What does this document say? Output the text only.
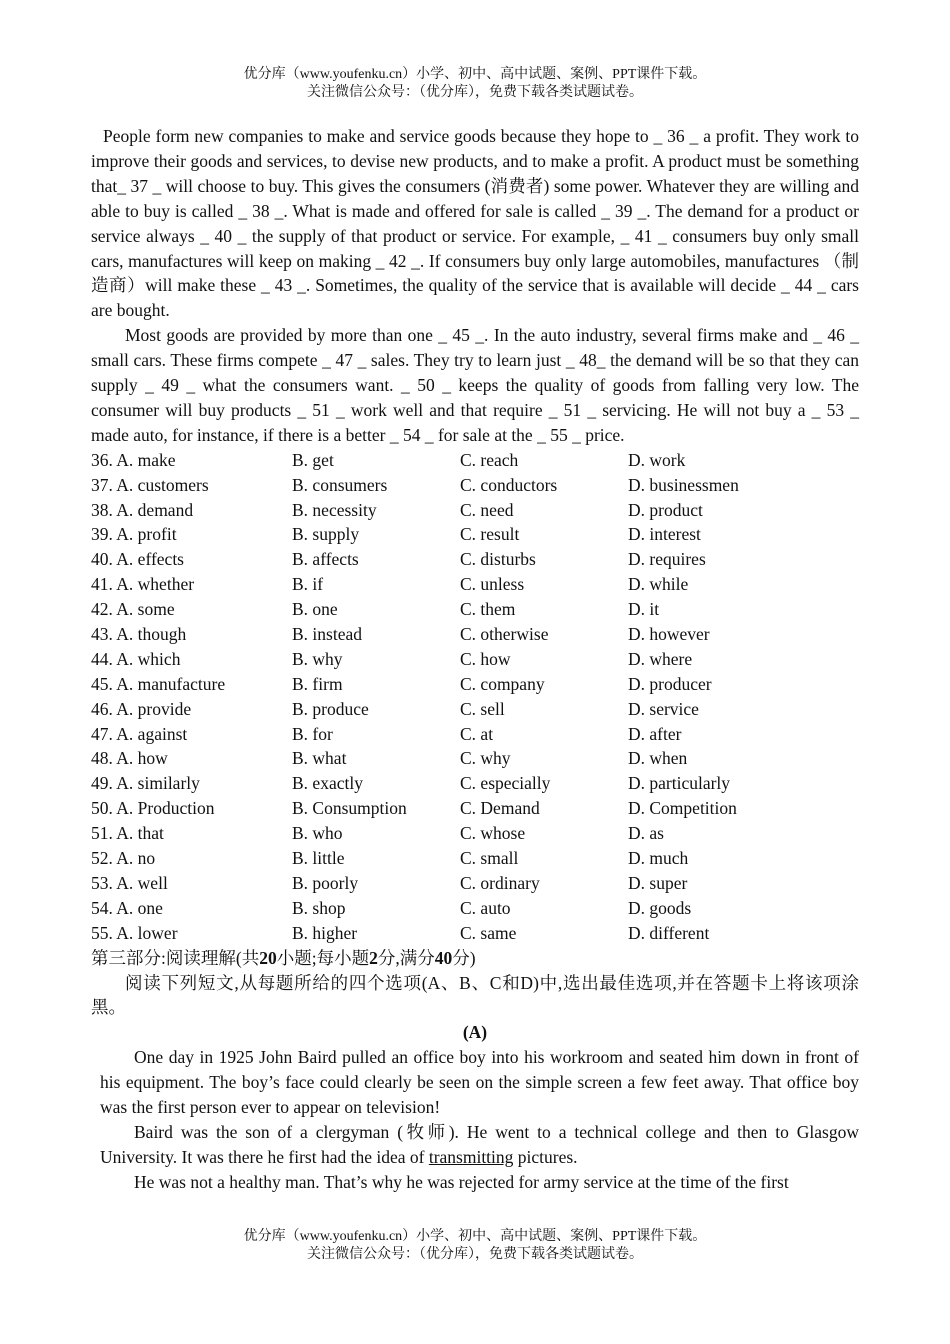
优分库（www.youfenku.cn）小学、初中、高中试题、案例、PPT课件下载。
关注微信公众号：（优分库），免费下载各类试题试卷。

People form new companies to make and service goods because they hope to _ 36 _ a profit. They work to improve their goods and services, to devise new products, and to make a profit. A product must be something that_ 37 _ will choose to buy. This gives the consumers (消费者) some power. Whatever they are willing and able to buy is called _ 38 _. What is made and offered for sale is called _ 39 _. The demand for a product or service always _ 40 _ the supply of that product or service. For example, _ 41 _ consumers buy only small cars, manufactures will keep on making _ 42 _. If consumers buy only large automobiles, manufactures （制造商）will make these _ 43 _. Sometimes, the quality of the service that is available will decide _ 44 _ cars are bought.

Most goods are provided by more than one _ 45 _. In the auto industry, several firms make and _ 46 _ small cars. These firms compete _ 47 _ sales. They try to learn just _ 48_ the demand will be so that they can supply _ 49 _ what the consumers want. _ 50 _ keeps the quality of goods from falling very low. The consumer will buy products _ 51 _ work well and that require _ 51 _ servicing. He will not buy a _ 53 _ made auto, for instance, if there is a better _ 54 _ for sale at the _ 55 _ price.

36. A. make	B. get	C. reach	D. work
37. A. customers	B. consumers	C. conductors	D. businessmen
38. A. demand	B. necessity	C. need	D. product
39. A. profit	B. supply	C. result	D. interest
40. A. effects	B. affects	C. disturbs	D. requires
41. A. whether	B. if	C. unless	D. while
42. A. some	B. one	C. them	D. it
43. A. though	B. instead	C. otherwise	D. however
44. A. which	B. why	C. how	D. where
45. A. manufacture	B. firm	C. company	D. producer
46. A. provide	B. produce	C. sell	D. service
47. A. against	B. for	C. at	D. after
48. A. how	B. what	C. why	D. when
49. A. similarly	B. exactly	C. especially	D. particularly
50. A. Production	B. Consumption	C. Demand	D. Competition
51. A. that	B. who	C. whose	D. as
52. A. no	B. little	C. small	D. much
53. A. well	B. poorly	C. ordinary	D. super
54. A. one	B. shop	C. auto	D. goods
55. A. lower	B. higher	C. same	D. different

第三部分:阅读理解(共20小题;每小题2分,满分40分)

阅读下列短文,从每题所给的四个选项(A、B、C和D)中,选出最佳选项,并在答题卡上将该项涂黑。

(A)

One day in 1925 John Baird pulled an office boy into his workroom and seated him down in front of his equipment. The boy’s face could clearly be seen on the simple screen a few feet away. That office boy was the first person ever to appear on television!

Baird was the son of a clergyman (牧师). He went to a technical college and then to Glasgow University. It was there he first had the idea of transmitting pictures.

He was not a healthy man. That’s why he was rejected for army service at the time of the first

优分库（www.youfenku.cn）小学、初中、高中试题、案例、PPT课件下载。
关注微信公众号：（优分库），免费下载各类试题试卷。
